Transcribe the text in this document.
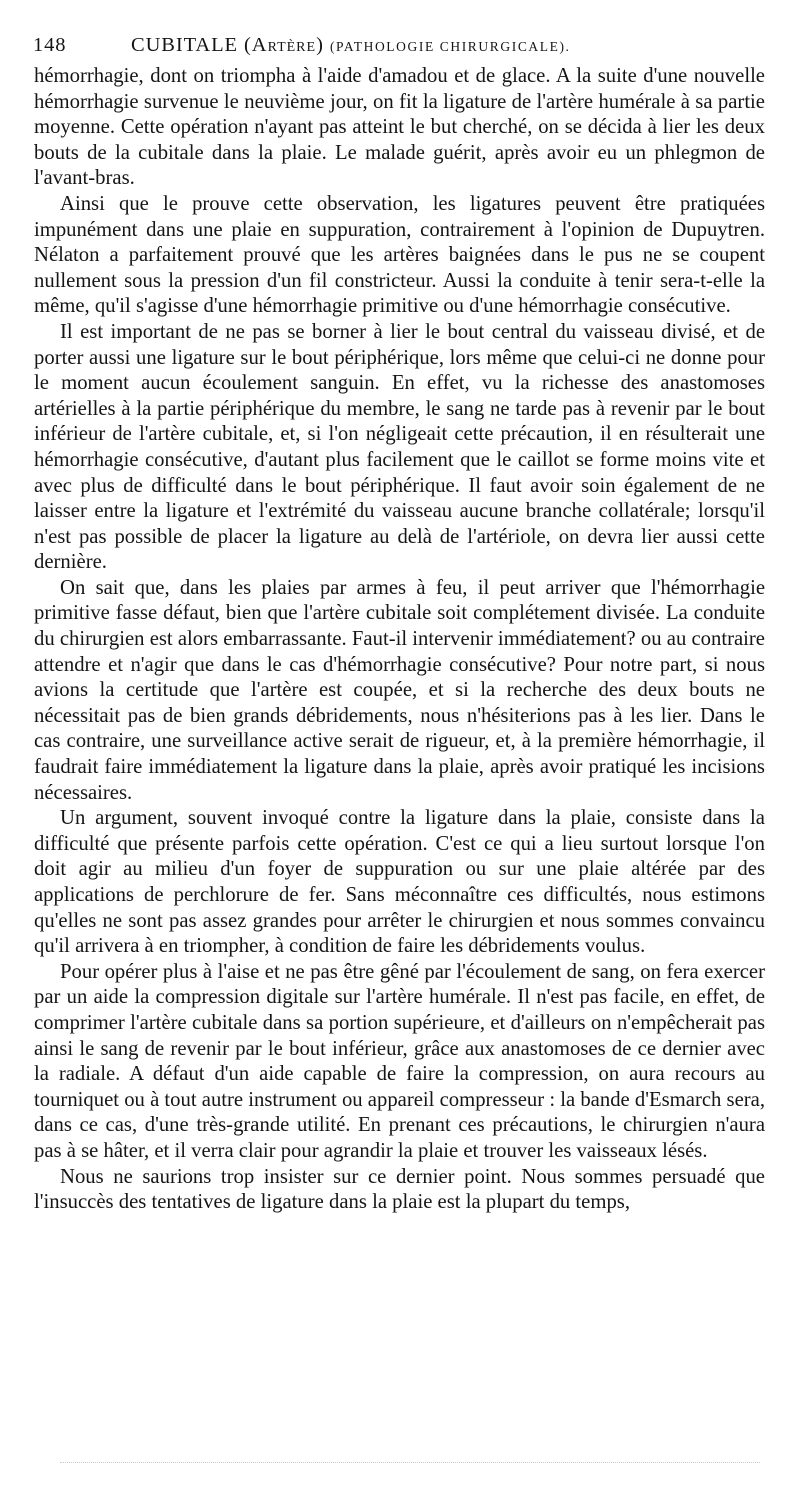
148	CUBITALE (Artère) (PATHOLOGIE CHIRURGICALE).

hémorrhagie, dont on triompha à l'aide d'amadou et de glace. A la suite d'une nouvelle hémorrhagie survenue le neuvième jour, on fit la ligature de l'artère humérale à sa partie moyenne. Cette opération n'ayant pas atteint le but cherché, on se décida à lier les deux bouts de la cubitale dans la plaie. Le malade guérit, après avoir eu un phlegmon de l'avant-bras.

Ainsi que le prouve cette observation, les ligatures peuvent être pratiquées impunément dans une plaie en suppuration, contrairement à l'opinion de Dupuytren. Nélaton a parfaitement prouvé que les artères baignées dans le pus ne se coupent nullement sous la pression d'un fil constricteur. Aussi la conduite à tenir sera-t-elle la même, qu'il s'agisse d'une hémorrhagie primitive ou d'une hémorrhagie consécutive.

Il est important de ne pas se borner à lier le bout central du vaisseau divisé, et de porter aussi une ligature sur le bout périphérique, lors même que celui-ci ne donne pour le moment aucun écoulement sanguin. En effet, vu la richesse des anastomoses artérielles à la partie périphérique du membre, le sang ne tarde pas à revenir par le bout inférieur de l'artère cubitale, et, si l'on négligeait cette précaution, il en résulterait une hémorrhagie consécutive, d'autant plus facilement que le caillot se forme moins vite et avec plus de difficulté dans le bout périphérique. Il faut avoir soin également de ne laisser entre la ligature et l'extrémité du vaisseau aucune branche collatérale; lorsqu'il n'est pas possible de placer la ligature au delà de l'artériole, on devra lier aussi cette dernière.

On sait que, dans les plaies par armes à feu, il peut arriver que l'hémorrhagie primitive fasse défaut, bien que l'artère cubitale soit complétement divisée. La conduite du chirurgien est alors embarrassante. Faut-il intervenir immédiatement? ou au contraire attendre et n'agir que dans le cas d'hémorrhagie consécutive? Pour notre part, si nous avions la certitude que l'artère est coupée, et si la recherche des deux bouts ne nécessitait pas de bien grands débridements, nous n'hésiterions pas à les lier. Dans le cas contraire, une surveillance active serait de rigueur, et, à la première hémorrhagie, il faudrait faire immédiatement la ligature dans la plaie, après avoir pratiqué les incisions nécessaires.

Un argument, souvent invoqué contre la ligature dans la plaie, consiste dans la difficulté que présente parfois cette opération. C'est ce qui a lieu surtout lorsque l'on doit agir au milieu d'un foyer de suppuration ou sur une plaie altérée par des applications de perchlorure de fer. Sans méconnaître ces difficultés, nous estimons qu'elles ne sont pas assez grandes pour arrêter le chirurgien et nous sommes convaincu qu'il arrivera à en triompher, à condition de faire les débridements voulus.

Pour opérer plus à l'aise et ne pas être gêné par l'écoulement de sang, on fera exercer par un aide la compression digitale sur l'artère humérale. Il n'est pas facile, en effet, de comprimer l'artère cubitale dans sa portion supérieure, et d'ailleurs on n'empêcherait pas ainsi le sang de revenir par le bout inférieur, grâce aux anastomoses de ce dernier avec la radiale. A défaut d'un aide capable de faire la compression, on aura recours au tourniquet ou à tout autre instrument ou appareil compresseur : la bande d'Esmarch sera, dans ce cas, d'une très-grande utilité. En prenant ces précautions, le chirurgien n'aura pas à se hâter, et il verra clair pour agrandir la plaie et trouver les vaisseaux lésés.

Nous ne saurions trop insister sur ce dernier point. Nous sommes persuadé que l'insuccès des tentatives de ligature dans la plaie est la plupart du temps,
